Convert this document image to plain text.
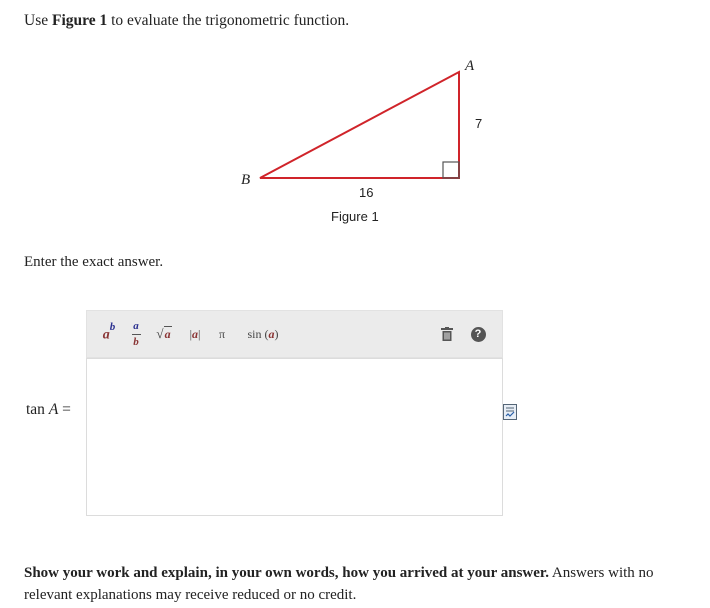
Use Figure 1 to evaluate the trigonometric function.
A
B
7
16
Figure 1
Enter the exact answer.
$a^b$ a
b
√ a |a| π sin (a)	?
tan A =
Show your work and explain, in your own words, how you arrived at your answer. Answers with no relevant explanations may receive reduced or no credit.
